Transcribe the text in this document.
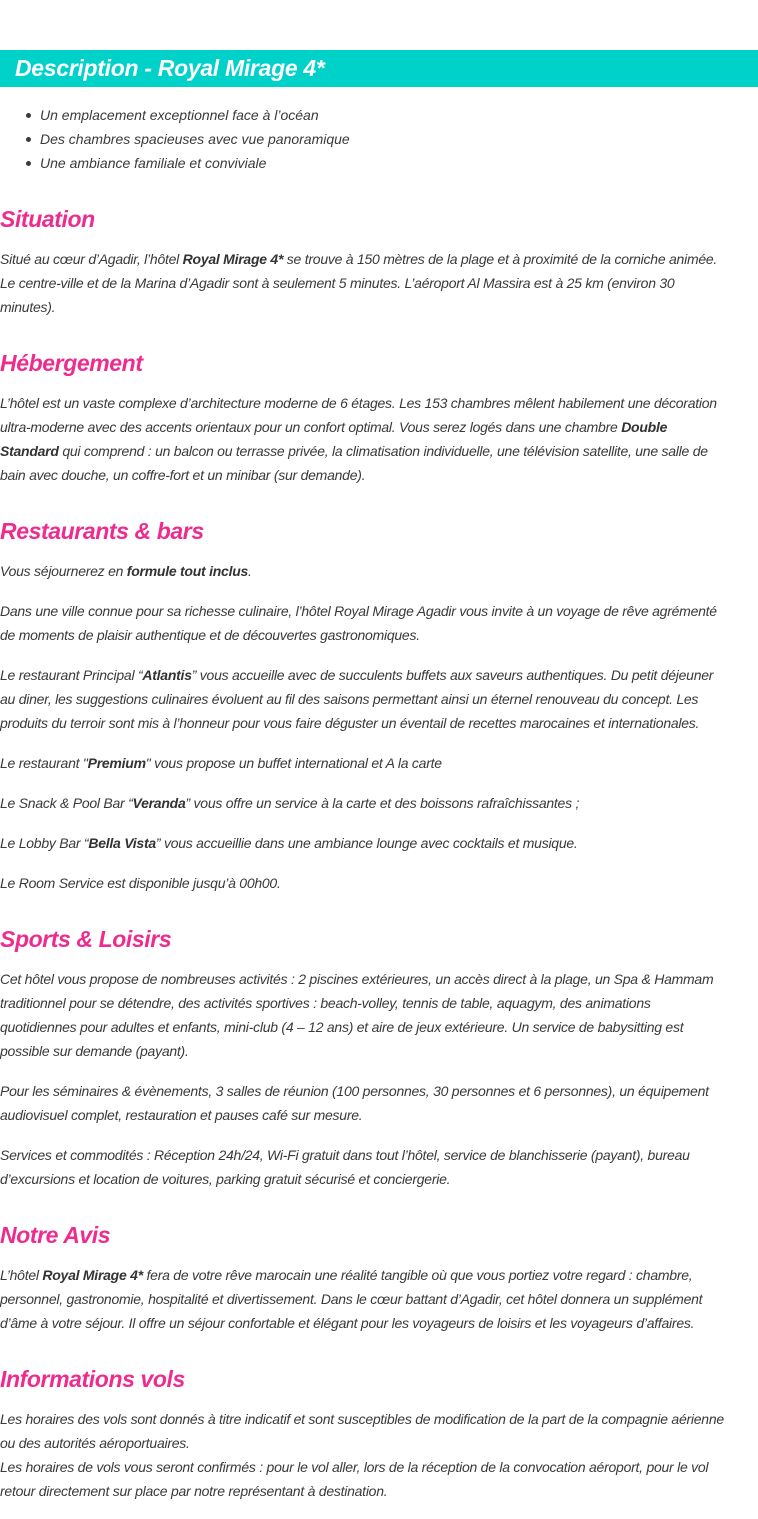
Description - Royal Mirage 4*
Un emplacement exceptionnel face à l’océan
Des chambres spacieuses avec vue panoramique
Une ambiance familiale et conviviale
Situation

Situé au cœur d’Agadir, l’hôtel Royal Mirage 4* se trouve à 150 mètres de la plage et à proximité de la corniche animée.
Le centre-ville et de la Marina d’Agadir sont à seulement 5 minutes. L’aéroport Al Massira est à 25 km (environ 30
minutes).

Hébergement

L’hôtel est un vaste complexe d’architecture moderne de 6 étages. Les 153 chambres mêlent habilement une décoration
ultra-moderne avec des accents orientaux pour un confort optimal. Vous serez logés dans une chambre Double
Standard qui comprend : un balcon ou terrasse privée, la climatisation individuelle, une télévision satellite, une salle de
bain avec douche, un coffre-fort et un minibar (sur demande).

Restaurants & bars

Vous séjournerez en formule tout inclus.

Dans une ville connue pour sa richesse culinaire, l’hôtel Royal Mirage Agadir vous invite à un voyage de rêve agrémenté
de moments de plaisir authentique et de découvertes gastronomiques.

Le restaurant Principal “Atlantis” vous accueille avec de succulents buffets aux saveurs authentiques. Du petit déjeuner
au diner, les suggestions culinaires évoluent au fil des saisons permettant ainsi un éternel renouveau du concept. Les
produits du terroir sont mis à l’honneur pour vous faire déguster un éventail de recettes marocaines et internationales.

Le restaurant "Premium" vous propose un buffet international et A la carte

Le Snack & Pool Bar “Veranda” vous offre un service à la carte et des boissons rafraîchissantes ;

Le Lobby Bar “Bella Vista” vous accueillie dans une ambiance lounge avec cocktails et musique.

Le Room Service est disponible jusqu’à 00h00.

Sports & Loisirs

Cet hôtel vous propose de nombreuses activités : 2 piscines extérieures, un accès direct à la plage, un Spa & Hammam
traditionnel pour se détendre, des activités sportives : beach-volley, tennis de table, aquagym, des animations
quotidiennes pour adultes et enfants, mini-club (4 – 12 ans) et aire de jeux extérieure. Un service de babysitting est
possible sur demande (payant).

Pour les séminaires & évènements, 3 salles de réunion (100 personnes, 30 personnes et 6 personnes), un équipement
audiovisuel complet, restauration et pauses café sur mesure.

Services et commodités : Réception 24h/24, Wi-Fi gratuit dans tout l’hôtel, service de blanchisserie (payant), bureau
d’excursions et location de voitures, parking gratuit sécurisé et conciergerie.

Notre Avis

L’hôtel Royal Mirage 4* fera de votre rêve marocain une réalité tangible où que vous portiez votre regard : chambre,
personnel, gastronomie, hospitalité et divertissement. Dans le cœur battant d’Agadir, cet hôtel donnera un supplément
d’âme à votre séjour. Il offre un séjour confortable et élégant pour les voyageurs de loisirs et les voyageurs d’affaires.

Informations vols

Les horaires des vols sont donnés à titre indicatif et sont susceptibles de modification de la part de la compagnie aérienne
ou des autorités aéroportuaires.
Les horaires de vols vous seront confirmés : pour le vol aller, lors de la réception de la convocation aéroport, pour le vol
retour directement sur place par notre représentant à destination.
